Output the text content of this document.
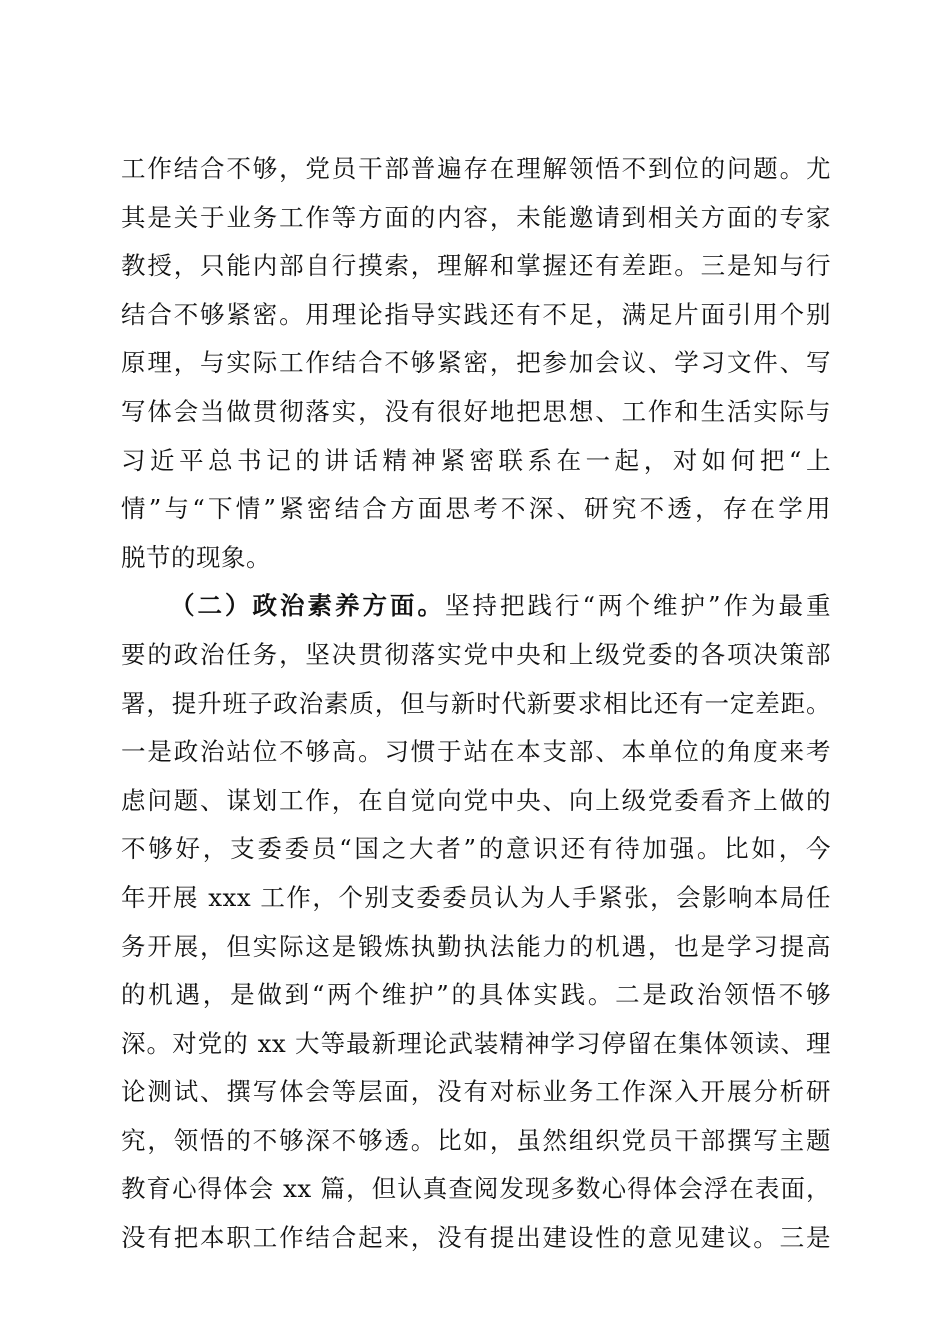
工作结合不够，党员干部普遍存在理解领悟不到位的问题。尤
其是关于业务工作等方面的内容，未能邀请到相关方面的专家
教授，只能内部自行摸索，理解和掌握还有差距。三是知与行
结合不够紧密。用理论指导实践还有不足，满足片面引用个别
原理，与实际工作结合不够紧密，把参加会议、学习文件、写
写体会当做贯彻落实，没有很好地把思想、工作和生活实际与
习近平总书记的讲话精神紧密联系在一起，对如何把“上
情”与“下情”紧密结合方面思考不深、研究不透，存在学用
脱节的现象。
（二）政治素养方面。坚持把践行“两个维护”作为最重
要的政治任务，坚决贯彻落实党中央和上级党委的各项决策部
署，提升班子政治素质，但与新时代新要求相比还有一定差距。
一是政治站位不够高。习惯于站在本支部、本单位的角度来考
虑问题、谋划工作，在自觉向党中央、向上级党委看齐上做的
不够好，支委委员“国之大者”的意识还有待加强。比如，今
年开展 xxx 工作，个别支委委员认为人手紧张，会影响本局任
务开展，但实际这是锻炼执勤执法能力的机遇，也是学习提高
的机遇，是做到“两个维护”的具体实践。二是政治领悟不够
深。对党的 xx 大等最新理论武装精神学习停留在集体领读、理
论测试、撰写体会等层面，没有对标业务工作深入开展分析研
究，领悟的不够深不够透。比如，虽然组织党员干部撰写主题
教育心得体会 xx 篇，但认真查阅发现多数心得体会浮在表面，
没有把本职工作结合起来，没有提出建设性的意见建议。三是
